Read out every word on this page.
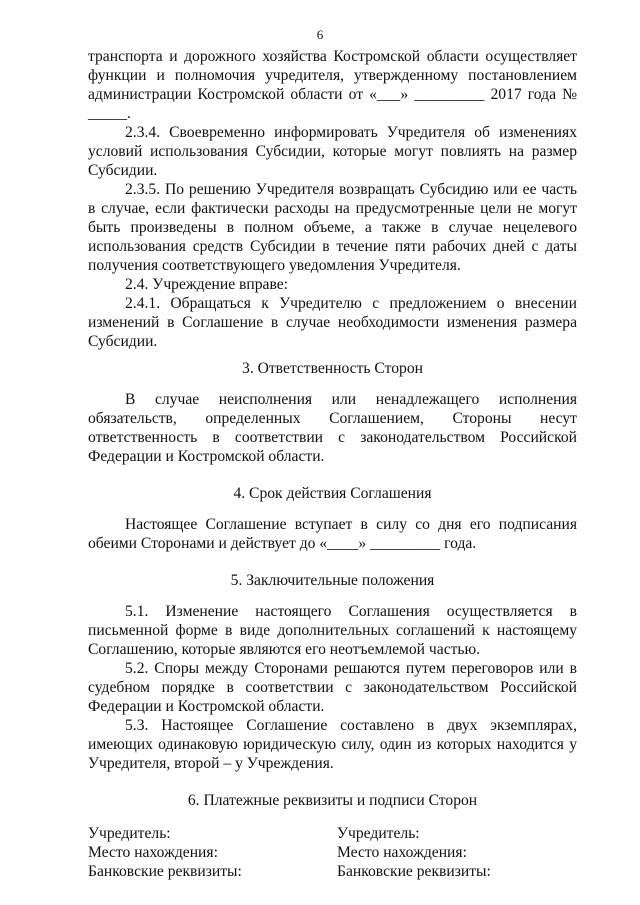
6

транспорта и дорожного хозяйства Костромской области осуществляет функции и полномочия учредителя, утвержденному постановлением администрации Костромской области от «___» _________ 2017 года № _____.

2.3.4. Своевременно информировать Учредителя об изменениях условий использования Субсидии, которые могут повлиять на размер Субсидии.

2.3.5. По решению Учредителя возвращать Субсидию или ее часть в случае, если фактически расходы на предусмотренные цели не могут быть произведены в полном объеме, а также в случае нецелевого использования средств Субсидии в течение пяти рабочих дней с даты получения соответствующего уведомления Учредителя.

2.4. Учреждение вправе:

2.4.1. Обращаться к Учредителю с предложением о внесении изменений в Соглашение в случае необходимости изменения размера Субсидии.

3. Ответственность Сторон

В случае неисполнения или ненадлежащего исполнения обязательств, определенных Соглашением, Стороны несут ответственность в соответствии с законодательством Российской Федерации и Костромской области.

4. Срок действия Соглашения

Настоящее Соглашение вступает в силу со дня его подписания обеими Сторонами и действует до «____» _________ года.

5. Заключительные положения

5.1. Изменение настоящего Соглашения осуществляется в письменной форме в виде дополнительных соглашений к настоящему Соглашению, которые являются его неотъемлемой частью.

5.2. Споры между Сторонами решаются путем переговоров или в судебном порядке в соответствии с законодательством Российской Федерации и Костромской области.

5.3. Настоящее Соглашение составлено в двух экземплярах, имеющих одинаковую юридическую силу, один из которых находится у Учредителя, второй – у Учреждения.

6. Платежные реквизиты и подписи Сторон

Учредитель:
Место нахождения:
Банковские реквизиты:
Учредитель:
Место нахождения:
Банковские реквизиты:
